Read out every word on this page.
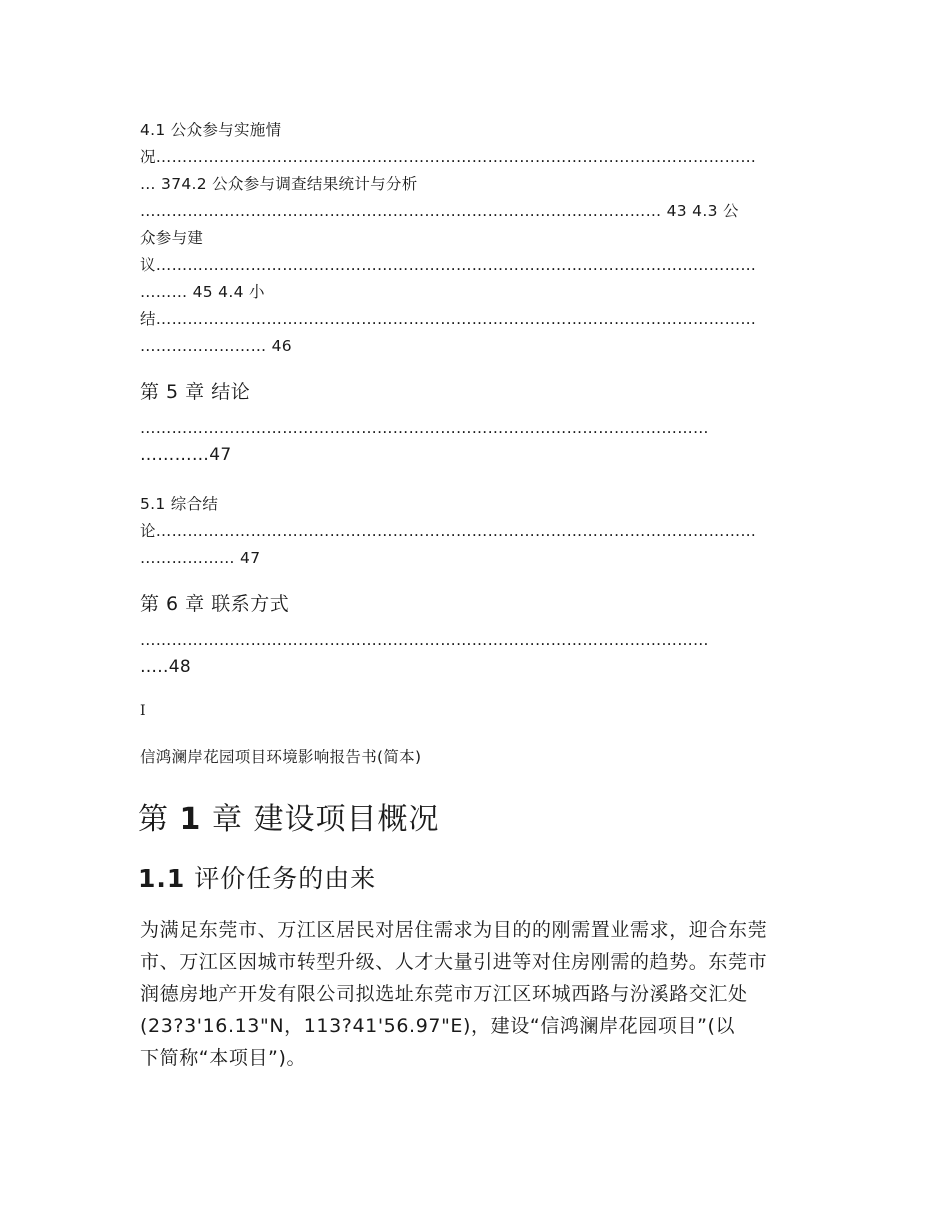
4.1 公众参与实施情
况……………………………………………………………………………………………………
… 374.2 公众参与调查结果统计与分析
……………………………………………………………………………………… 43 4.3 公
众参与建
议……………………………………………………………………………………………………
……… 45 4.4 小
结……………………………………………………………………………………………………
…………………… 46
第 5 章 结论
………………………………………………………………………………………………
…………47
5.1 综合结
论……………………………………………………………………………………………………
……………… 47
第 6 章 联系方式
………………………………………………………………………………………………
…..48
I
信鸿澜岸花园项目环境影响报告书(简本)
第 1 章 建设项目概况
1.1 评价任务的由来
为满足东莞市、万江区居民对居住需求为目的的刚需置业需求，迎合东莞
市、万江区因城市转型升级、人才大量引进等对住房刚需的趋势。东莞市
润德房地产开发有限公司拟选址东莞市万江区环城西路与汾溪路交汇处
(23?3'16.13"N，113?41'56.97"E)，建设“信鸿澜岸花园项目”(以
下简称“本项目”)。
